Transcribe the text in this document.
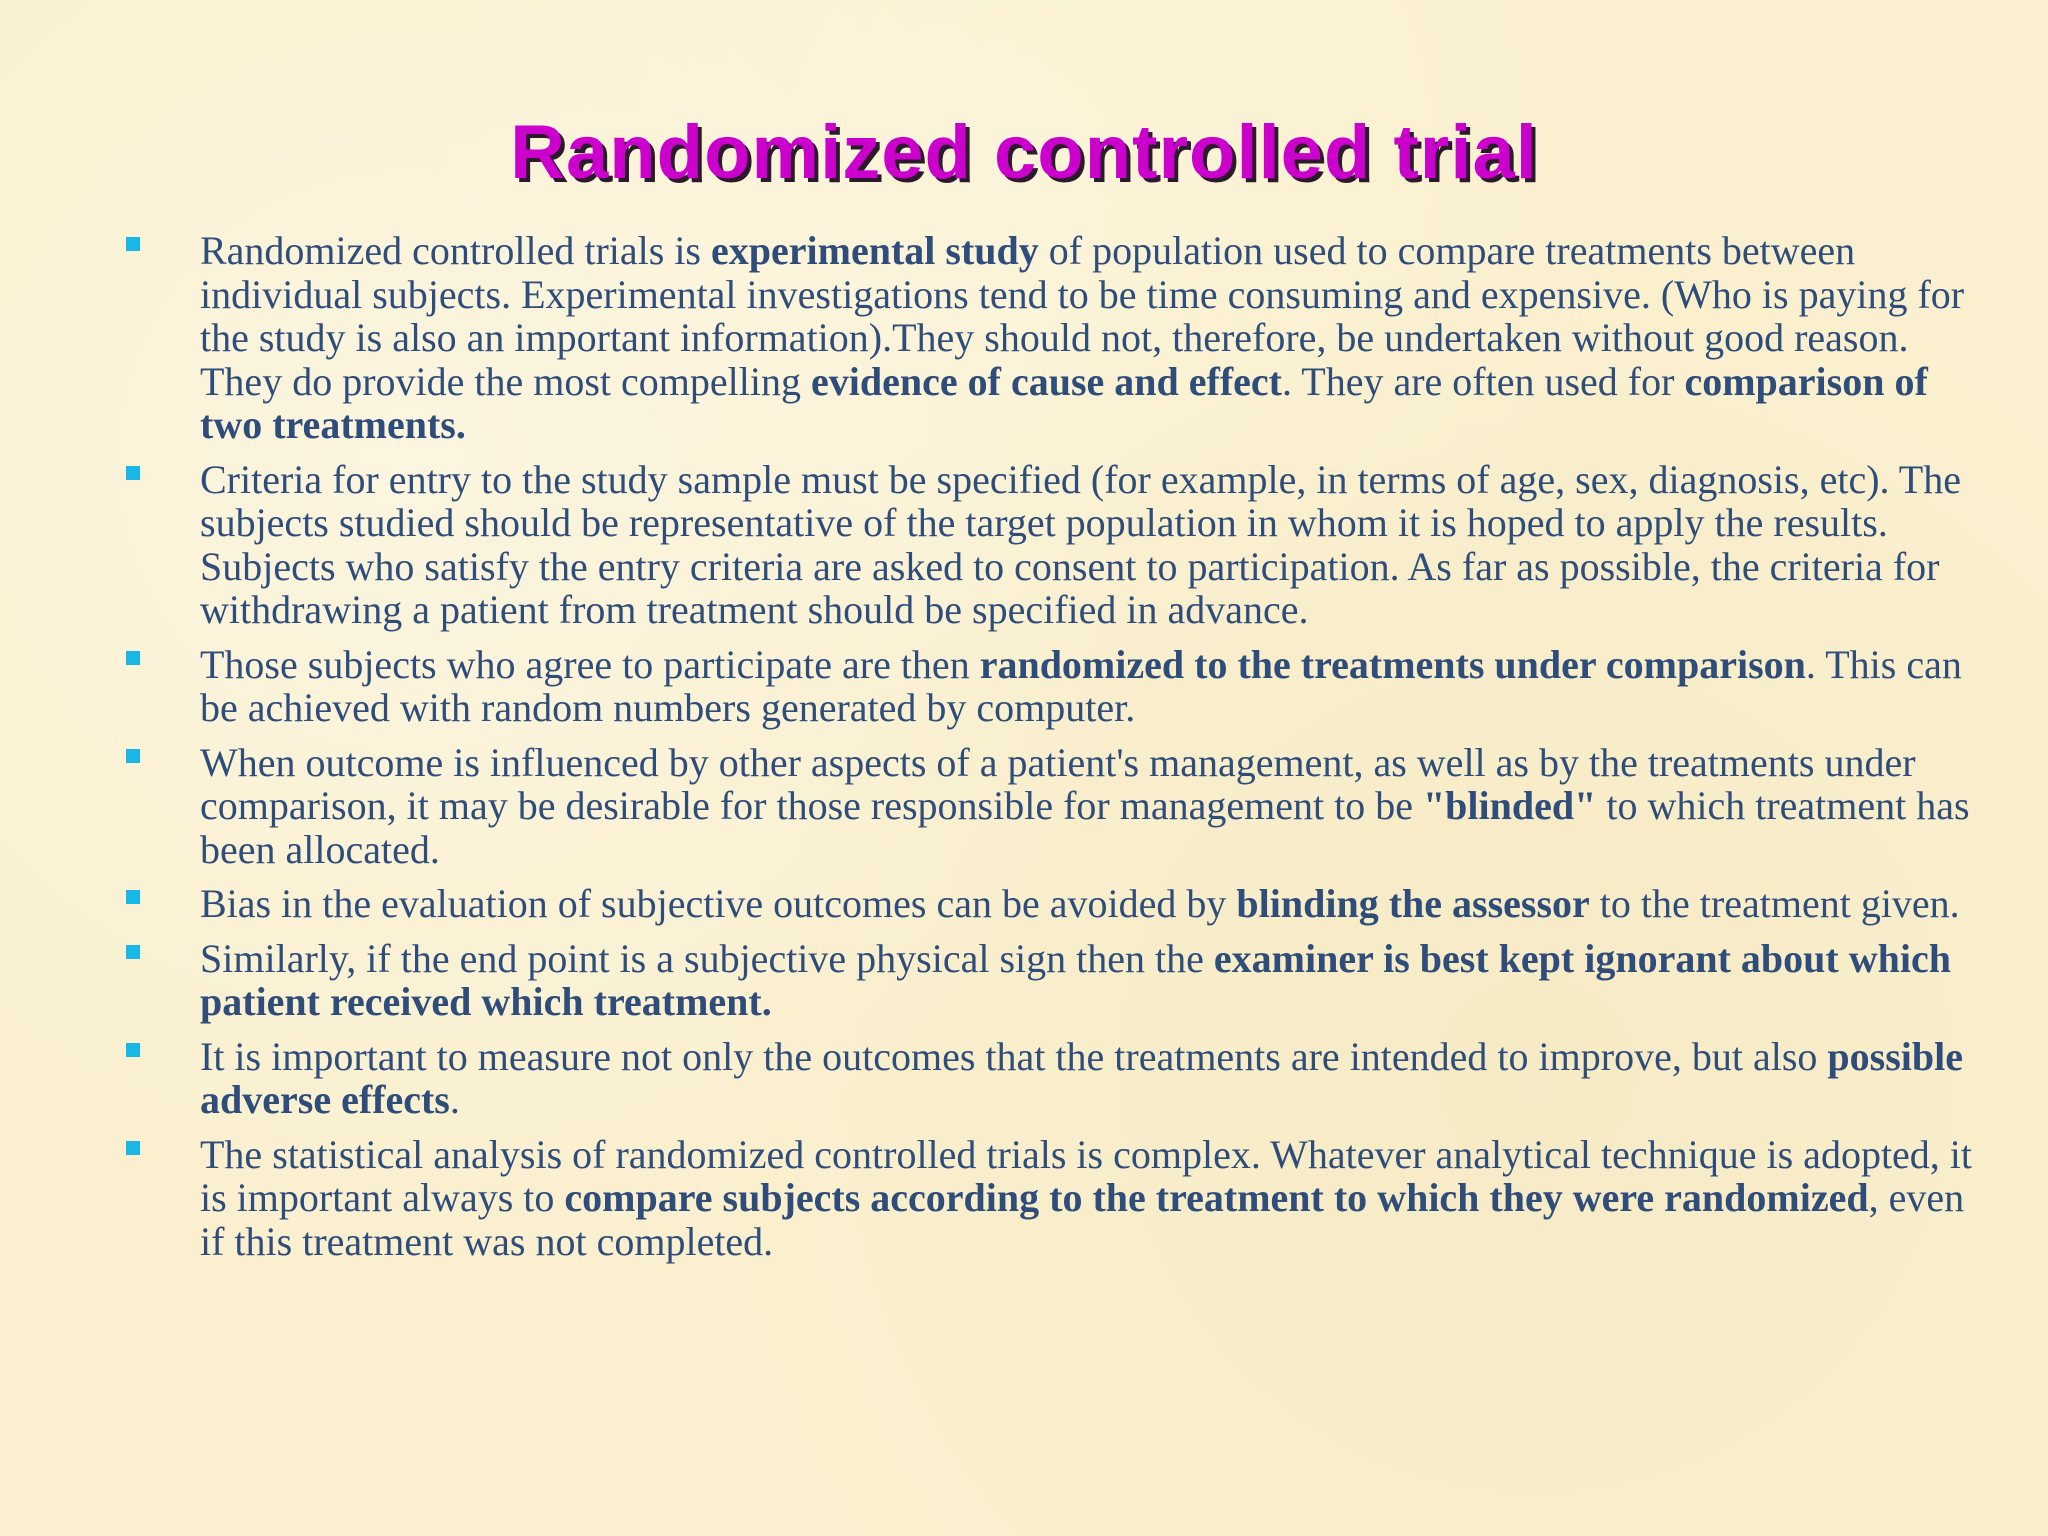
Randomized controlled trial
Randomized controlled trials is experimental study of population used to compare treatments between individual subjects. Experimental investigations tend to be time consuming and expensive. (Who is paying for the study is also an important information).They should not, therefore, be undertaken without good reason. They do provide the most compelling evidence of cause and effect. They are often used for comparison of two treatments.
Criteria for entry to the study sample must be specified (for example, in terms of age, sex, diagnosis, etc). The subjects studied should be representative of the target population in whom it is hoped to apply the results. Subjects who satisfy the entry criteria are asked to consent to participation. As far as possible, the criteria for withdrawing a patient from treatment should be specified in advance.
Those subjects who agree to participate are then randomized to the treatments under comparison. This can be achieved with random numbers generated by computer.
When outcome is influenced by other aspects of a patient's management, as well as by the treatments under comparison, it may be desirable for those responsible for management to be "blinded" to which treatment has been allocated.
Bias in the evaluation of subjective outcomes can be avoided by blinding the assessor to the treatment given.
Similarly, if the end point is a subjective physical sign then the examiner is best kept ignorant about which patient received which treatment.
It is important to measure not only the outcomes that the treatments are intended to improve, but also possible adverse effects.
The statistical analysis of randomized controlled trials is complex. Whatever analytical technique is adopted, it is important always to compare subjects according to the treatment to which they were randomized, even if this treatment was not completed.
